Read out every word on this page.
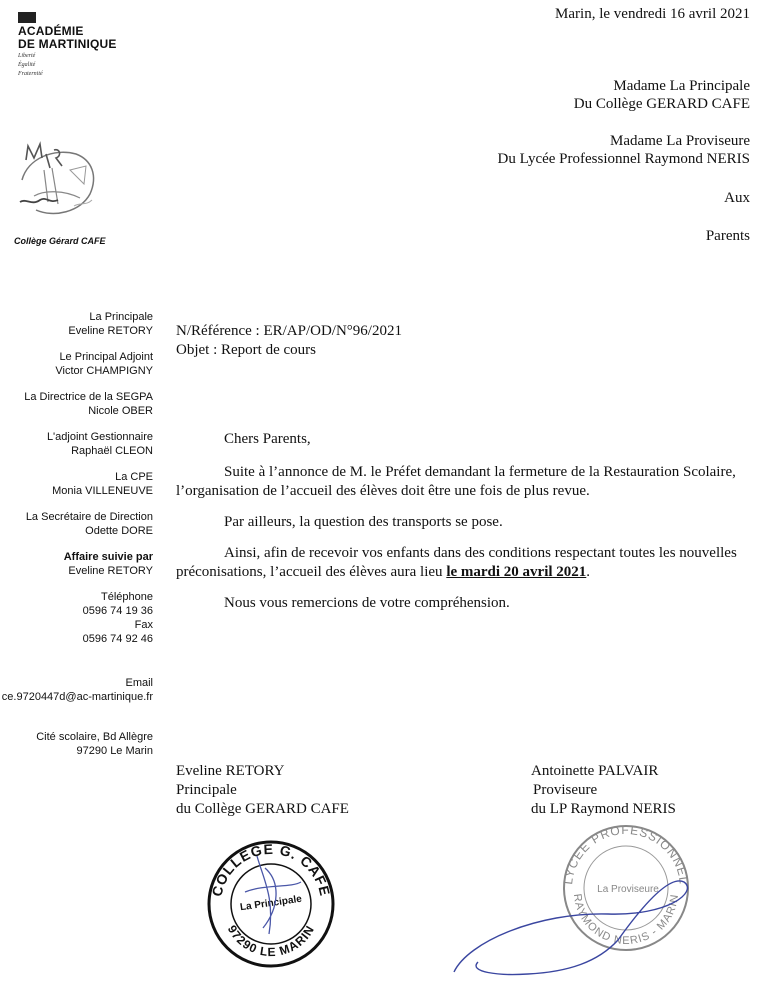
ACADÉMIE
DE MARTINIQUE
Liberté
Égalité
Fraternité
Collège Gérard CAFE
Marin, le vendredi 16 avril 2021
Madame La Principale
Du Collège GERARD CAFE
Madame La Proviseure
Du Lycée Professionnel Raymond NERIS
Aux
Parents
La Principale
Eveline RETORY
Le Principal Adjoint
Victor CHAMPIGNY
La Directrice de la SEGPA
Nicole OBER
L'adjoint Gestionnaire
Raphaël CLEON
La CPE
Monia VILLENEUVE
La Secrétaire de Direction
Odette DORE
Affaire suivie par
Eveline RETORY
Téléphone
0596 74 19 36
Fax
0596 74 92 46
Email
ce.9720447d@ac-martinique.fr
Cité scolaire, Bd Allègre
97290 Le Marin
N/Référence : ER/AP/OD/N°96/2021
Objet : Report de cours

Chers Parents,

Suite à l’annonce de M. le Préfet demandant la fermeture de la Restauration Scolaire, l’organisation de l’accueil des élèves doit être une fois de plus revue.

Par ailleurs, la question des transports se pose.

Ainsi, afin de recevoir vos enfants dans des conditions respectant toutes les nouvelles préconisations, l’accueil des élèves aura lieu le mardi 20 avril 2021.

Nous vous remercions de votre compréhension.

Eveline RETORY
Principale
du Collège GERARD CAFE
Antoinette PALVAIR
Proviseure
du LP Raymond NERIS
COLLEGE G. CAFE
97290 LE MARIN
La Principale
LYCEE PROFESSIONNEL
RAYMOND NERIS - MARIN
La Proviseure
